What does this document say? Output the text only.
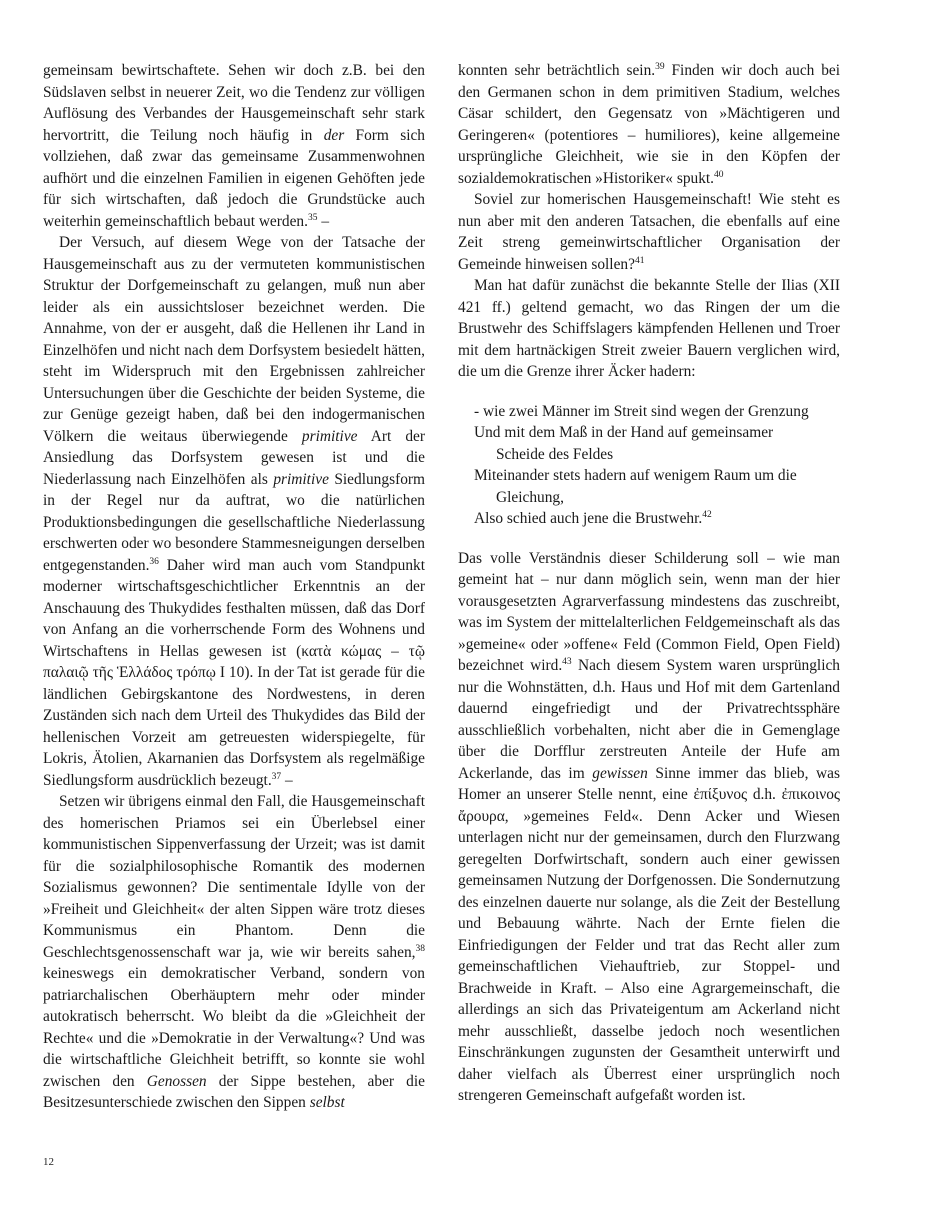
gemeinsam bewirtschaftete. Sehen wir doch z.B. bei den Südslaven selbst in neuerer Zeit, wo die Tendenz zur völligen Auflösung des Verbandes der Hausgemeinschaft sehr stark hervortritt, die Teilung noch häufig in der Form sich vollziehen, daß zwar das gemeinsame Zusammenwohnen aufhört und die einzelnen Familien in eigenen Gehöften jede für sich wirtschaften, daß jedoch die Grundstücke auch weiterhin gemeinschaftlich bebaut werden.$^{35}$ –

Der Versuch, auf diesem Wege von der Tatsache der Hausgemeinschaft aus zu der vermuteten kommunistischen Struktur der Dorfgemeinschaft zu gelangen, muß nun aber leider als ein aussichtsloser bezeichnet werden. Die Annahme, von der er ausgeht, daß die Hellenen ihr Land in Einzelhöfen und nicht nach dem Dorfsystem besiedelt hätten, steht im Widerspruch mit den Ergebnissen zahlreicher Untersuchungen über die Geschichte der beiden Systeme, die zur Genüge gezeigt haben, daß bei den indogermanischen Völkern die weitaus überwiegende primitive Art der Ansiedlung das Dorfsystem gewesen ist und die Niederlassung nach Einzelhöfen als primitive Siedlungsform in der Regel nur da auftrat, wo die natürlichen Produktionsbedingungen die gesellschaftliche Niederlassung erschwerten oder wo besondere Stammesneigungen derselben entgegenstanden.$^{36}$ Daher wird man auch vom Standpunkt moderner wirtschaftsgeschichtlicher Erkenntnis an der Anschauung des Thukydides festhalten müssen, daß das Dorf von Anfang an die vorherrschende Form des Wohnens und Wirtschaftens in Hellas gewesen ist (κατὰ κώμας – τῷ παλαιῷ τῆς Ἑλλάδος τρόπῳ I 10). In der Tat ist gerade für die ländlichen Gebirgskantone des Nordwestens, in deren Zuständen sich nach dem Urteil des Thukydides das Bild der hellenischen Vorzeit am getreuesten widerspiegelte, für Lokris, Ätolien, Akarnanien das Dorfsystem als regelmäßige Siedlungsform ausdrücklich bezeugt.$^{37}$ –

Setzen wir übrigens einmal den Fall, die Hausgemeinschaft des homerischen Priamos sei ein Überlebsel einer kommunistischen Sippenverfassung der Urzeit; was ist damit für die sozialphilosophische Romantik des modernen Sozialismus gewonnen? Die sentimentale Idylle von der »Freiheit und Gleichheit« der alten Sippen wäre trotz dieses Kommunismus ein Phantom. Denn die Geschlechtsgenossenschaft war ja, wie wir bereits sahen,$^{38}$ keineswegs ein demokratischer Verband, sondern von patriarchalischen Oberhäuptern mehr oder minder autokratisch beherrscht. Wo bleibt da die »Gleichheit der Rechte« und die »Demokratie in der Verwaltung«? Und was die wirtschaftliche Gleichheit betrifft, so konnte sie wohl zwischen den Genossen der Sippe bestehen, aber die Besitzesunterschiede zwischen den Sippen selbst

konnten sehr beträchtlich sein.$^{39}$ Finden wir doch auch bei den Germanen schon in dem primitiven Stadium, welches Cäsar schildert, den Gegensatz von »Mächtigeren und Geringeren« (potentiores – humiliores), keine allgemeine ursprüngliche Gleichheit, wie sie in den Köpfen der sozialdemokratischen »Historiker« spukt.$^{40}$

Soviel zur homerischen Hausgemeinschaft! Wie steht es nun aber mit den anderen Tatsachen, die ebenfalls auf eine Zeit streng gemeinwirtschaftlicher Organisation der Gemeinde hinweisen sollen?$^{41}$

Man hat dafür zunächst die bekannte Stelle der Ilias (XII 421 ff.) geltend gemacht, wo das Ringen der um die Brustwehr des Schiffslagers kämpfenden Hellenen und Troer mit dem hartnäckigen Streit zweier Bauern verglichen wird, die um die Grenze ihrer Äcker hadern:

- wie zwei Männer im Streit sind wegen der Grenzung
Und mit dem Maß in der Hand auf gemeinsamer
Scheide des Feldes
Miteinander stets hadern auf wenigem Raum um die
Gleichung,
Also schied auch jene die Brustwehr.$^{42}$

Das volle Verständnis dieser Schilderung soll – wie man gemeint hat – nur dann möglich sein, wenn man der hier vorausgesetzten Agrarverfassung mindestens das zuschreibt, was im System der mittelalterlichen Feldgemeinschaft als das »gemeine« oder »offene« Feld (Common Field, Open Field) bezeichnet wird.$^{43}$ Nach diesem System waren ursprünglich nur die Wohnstätten, d.h. Haus und Hof mit dem Gartenland dauernd eingefriedigt und der Privatrechtssphäre ausschließlich vorbehalten, nicht aber die in Gemenglage über die Dorfflur zerstreuten Anteile der Hufe am Ackerlande, das im gewissen Sinne immer das blieb, was Homer an unserer Stelle nennt, eine ἐπίξυνος d.h. ἐπικοινος ἄρουρα, »gemeines Feld«. Denn Acker und Wiesen unterlagen nicht nur der gemeinsamen, durch den Flurzwang geregelten Dorfwirtschaft, sondern auch einer gewissen gemeinsamen Nutzung der Dorfgenossen. Die Sondernutzung des einzelnen dauerte nur solange, als die Zeit der Bestellung und Bebauung währte. Nach der Ernte fielen die Einfriedigungen der Felder und trat das Recht aller zum gemeinschaftlichen Viehauftrieb, zur Stoppel- und Brachweide in Kraft. – Also eine Agrargemeinschaft, die allerdings an sich das Privateigentum am Ackerland nicht mehr ausschließt, dasselbe jedoch noch wesentlichen Einschränkungen zugunsten der Gesamtheit unterwirft und daher vielfach als Überrest einer ursprünglich noch strengeren Gemeinschaft aufgefaßt worden ist.

12
